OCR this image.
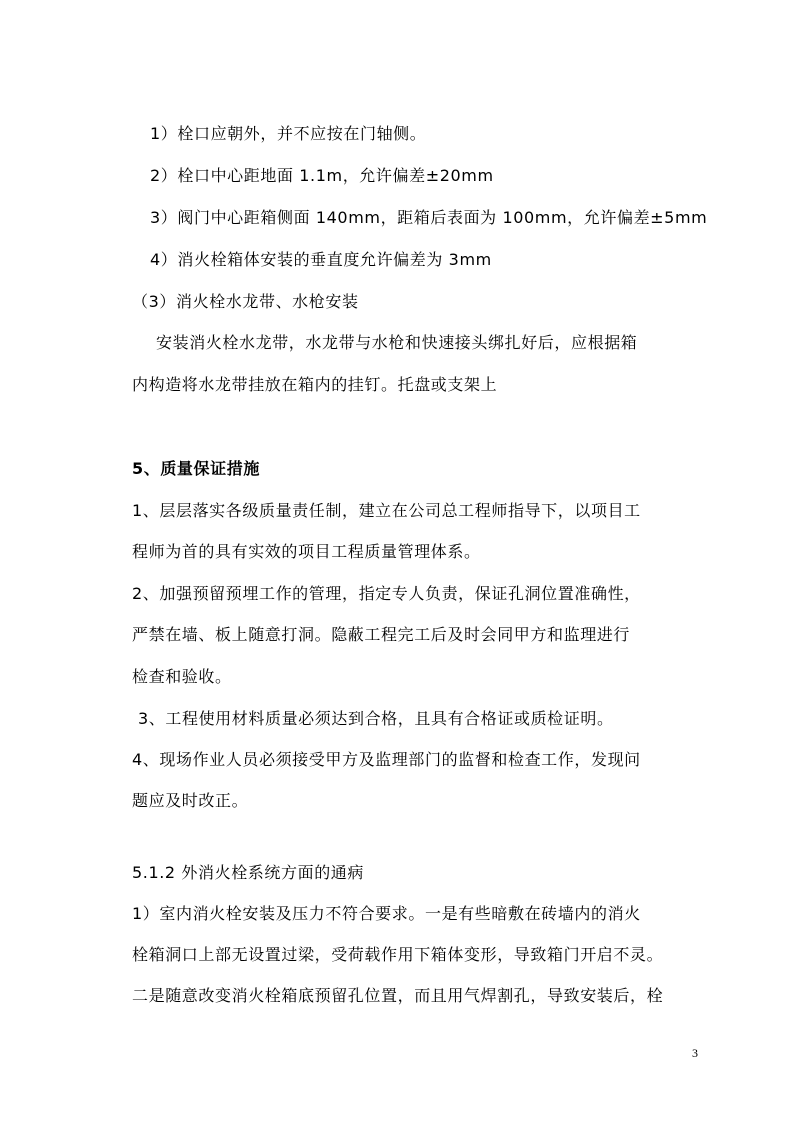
1）栓口应朝外，并不应按在门轴侧。
2）栓口中心距地面 1.1m，允许偏差±20mm
3）阀门中心距箱侧面 140mm，距箱后表面为 100mm，允许偏差±5mm
4）消火栓箱体安装的垂直度允许偏差为 3mm
（3）消火栓水龙带、水枪安装
安装消火栓水龙带，水龙带与水枪和快速接头绑扎好后，应根据箱
内构造将水龙带挂放在箱内的挂钉。托盘或支架上
5、质量保证措施
1、层层落实各级质量责任制，建立在公司总工程师指导下，以项目工
程师为首的具有实效的项目工程质量管理体系。
2、加强预留预埋工作的管理，指定专人负责，保证孔洞位置准确性，
严禁在墙、板上随意打洞。隐蔽工程完工后及时会同甲方和监理进行
检查和验收。
3、工程使用材料质量必须达到合格，且具有合格证或质检证明。
4、现场作业人员必须接受甲方及监理部门的监督和检查工作，发现问
题应及时改正。
5.1.2 外消火栓系统方面的通病
1）室内消火栓安装及压力不符合要求。一是有些暗敷在砖墙内的消火
栓箱洞口上部无设置过梁，受荷载作用下箱体变形，导致箱门开启不灵。
二是随意改变消火栓箱底预留孔位置，而且用气焊割孔，导致安装后，栓
3
